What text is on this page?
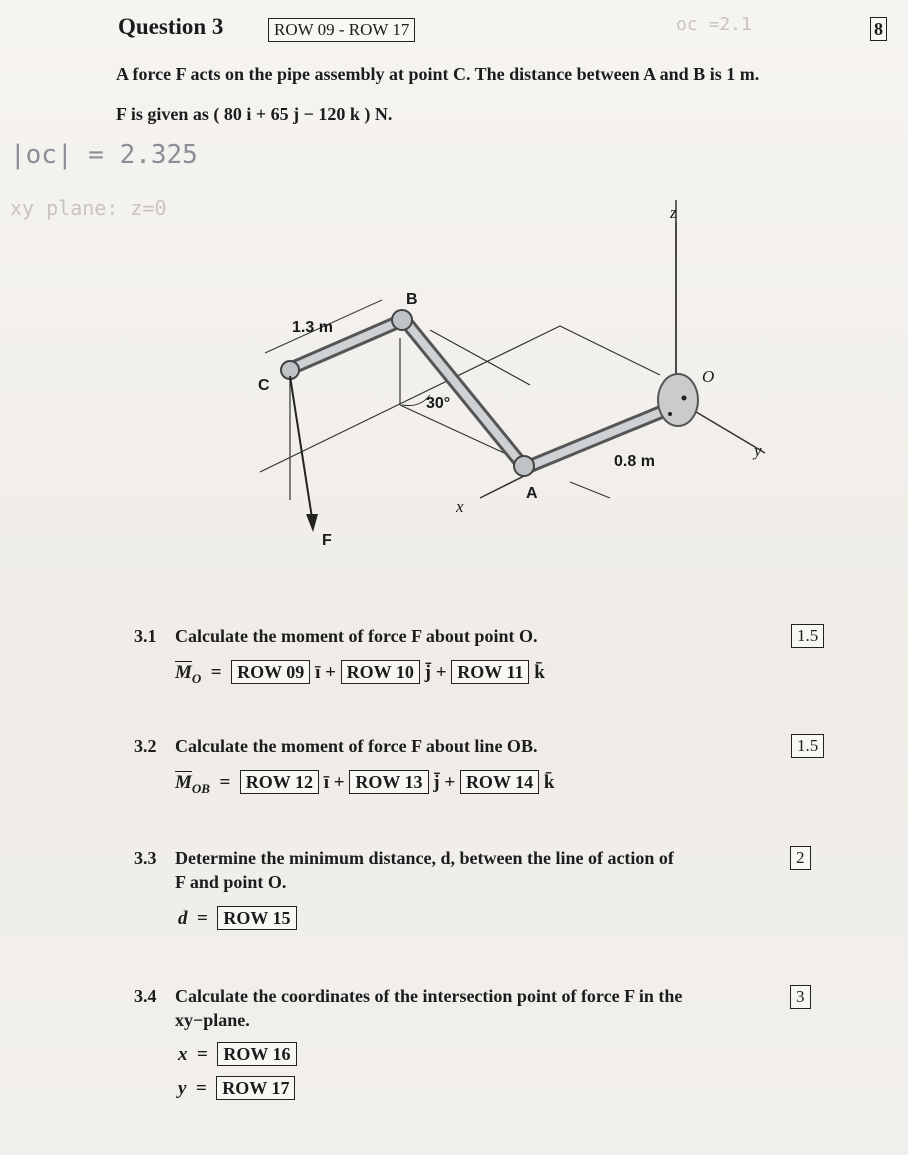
Question 3	ROW 09 - ROW 17	oc =2.1	8
A force F acts on the pipe assembly at point C. The distance between A and B is 1 m.
F is given as ( 80 i + 65 j − 120 k ) N.
|oc| = 2.325
xy plane: z=0
B
C	O
A
F
z
x
y
1.3 m
0.8 m
30°
3.1 Calculate the moment of force F about point O.	1.5
$\overline{M}_O$ = ROW 09 ī + ROW 10 j̄ + ROW 11 k̄
3.2 Calculate the moment of force F about line OB.	1.5
$\overline{M}_{OB}$ = ROW 12 ī + ROW 13 j̄ + ROW 14 k̄
3.3 Determine the minimum distance, d, between the line of action of
F and point O.
2
d = ROW 15
3.4 Calculate the coordinates of the intersection point of force F in the
xy−plane.
3
x = ROW 16
y = ROW 17
